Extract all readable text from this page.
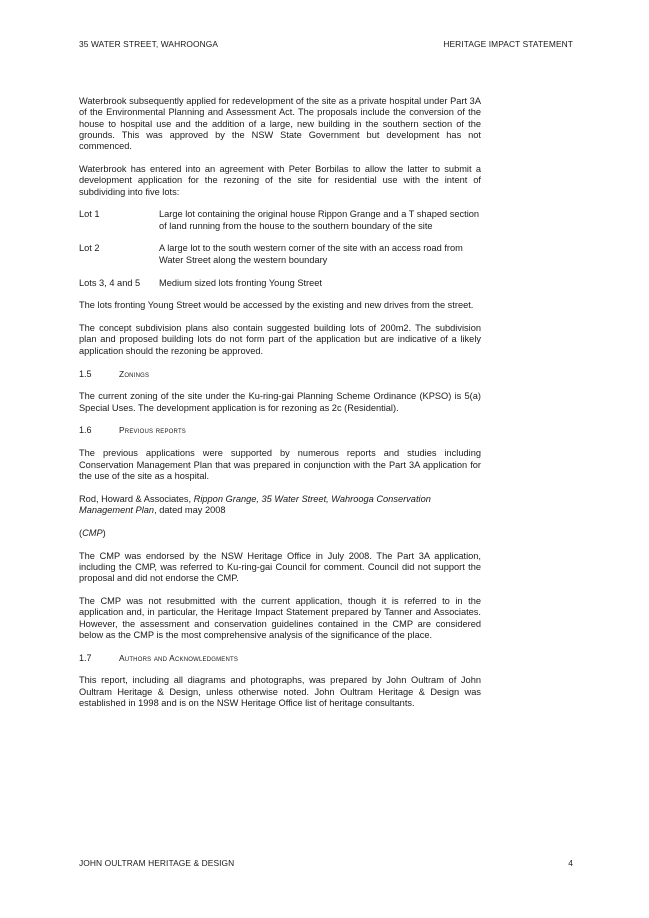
35 WATER STREET, WAHROONGA	HERITAGE IMPACT STATEMENT

Waterbrook subsequently applied for redevelopment of the site as a private hospital under Part 3A of the Environmental Planning and Assessment Act. The proposals include the conversion of the house to hospital use and the addition of a large, new building in the southern section of the grounds. This was approved by the NSW State Government but development has not commenced.

Waterbrook has entered into an agreement with Peter Borbilas to allow the latter to submit a development application for the rezoning of the site for residential use with the intent of subdividing into five lots:

Lot 1	Large lot containing the original house Rippon Grange and a T shaped section of land running from the house to the southern boundary of the site
Lot 2	A large lot to the south western corner of the site with an access road from Water Street along the western boundary
Lots 3, 4 and 5	Medium sized lots fronting Young Street

The lots fronting Young Street would be accessed by the existing and new drives from the street.

The concept subdivision plans also contain suggested building lots of 200m2. The subdivision plan and proposed building lots do not form part of the application but are indicative of a likely application should the rezoning be approved.

1.5	Zonings

The current zoning of the site under the Ku-ring-gai Planning Scheme Ordinance (KPSO) is 5(a) Special Uses. The development application is for rezoning as 2c (Residential).

1.6	Previous reports

The previous applications were supported by numerous reports and studies including Conservation Management Plan that was prepared in conjunction with the Part 3A application for the use of the site as a hospital.

Rod, Howard & Associates, Rippon Grange, 35 Water Street, Wahrooga Conservation Management Plan, dated may 2008

(CMP)

The CMP was endorsed by the NSW Heritage Office in July 2008. The Part 3A application, including the CMP, was referred to Ku-ring-gai Council for comment. Council did not support the proposal and did not endorse the CMP.

The CMP was not resubmitted with the current application, though it is referred to in the application and, in particular, the Heritage Impact Statement prepared by Tanner and Associates. However, the assessment and conservation guidelines contained in the CMP are considered below as the CMP is the most comprehensive analysis of the significance of the place.

1.7	Authors and Acknowledgments

This report, including all diagrams and photographs, was prepared by John Oultram of John Oultram Heritage & Design, unless otherwise noted. John Oultram Heritage & Design was established in 1998 and is on the NSW Heritage Office list of heritage consultants.

JOHN OULTRAM HERITAGE & DESIGN	4
